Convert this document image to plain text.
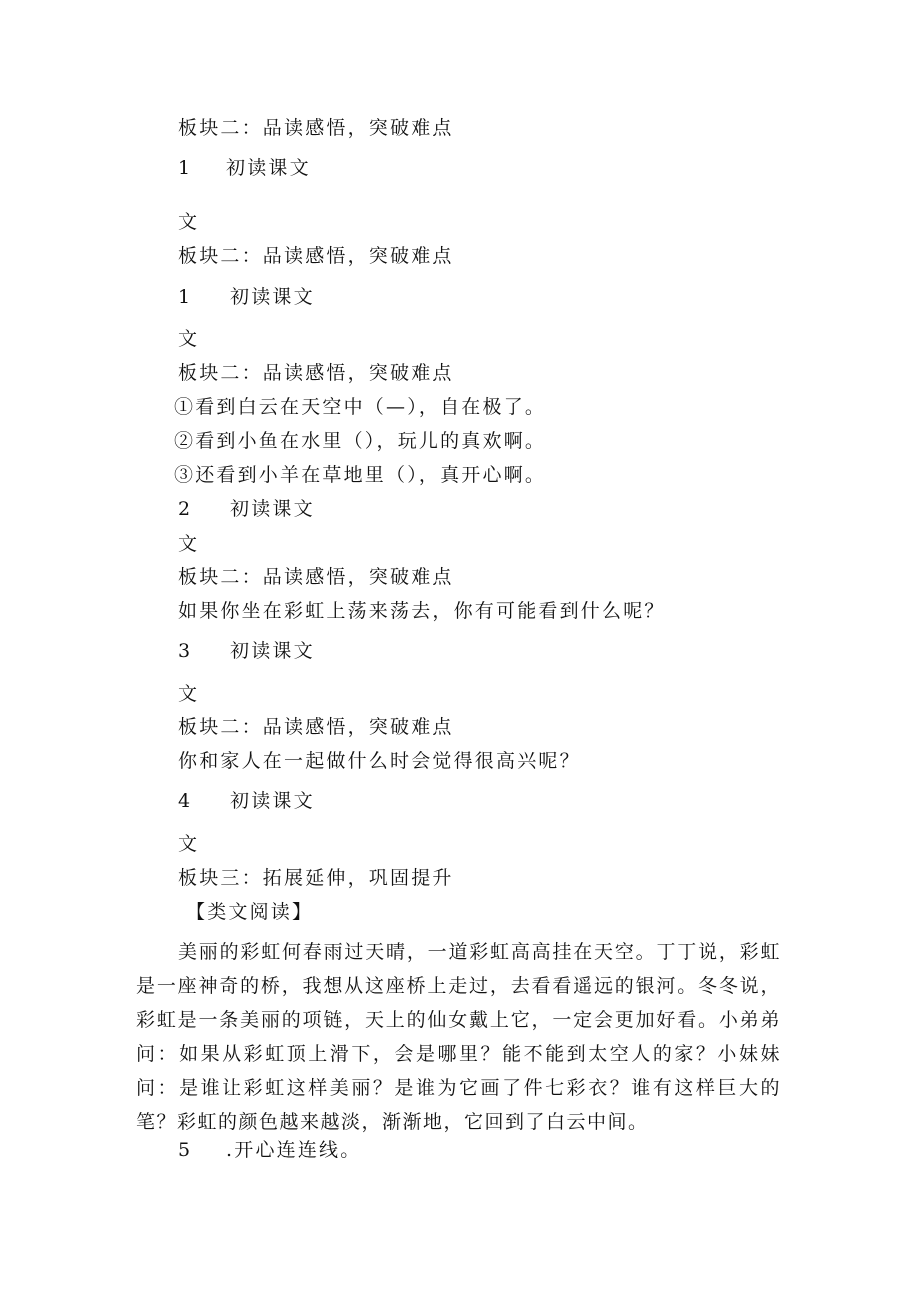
板块二：品读感悟，突破难点
1 初读课文
文
板块二：品读感悟，突破难点
1 初读课文
文
板块二：品读感悟，突破难点
①看到白云在天空中（—），自在极了。
②看到小鱼在水里（），玩儿的真欢啊。
③还看到小羊在草地里（），真开心啊。
2 初读课文
文
板块二：品读感悟，突破难点
如果你坐在彩虹上荡来荡去，你有可能看到什么呢？
3 初读课文
文
板块二：品读感悟，突破难点
你和家人在一起做什么时会觉得很高兴呢？
4 初读课文
文
板块三：拓展延伸，巩固提升
【类文阅读】
美丽的彩虹何春雨过天晴，一道彩虹高高挂在天空。丁丁说，彩虹是一座神奇的桥，我想从这座桥上走过，去看看遥远的银河。冬冬说，彩虹是一条美丽的项链，天上的仙女戴上它，一定会更加好看。小弟弟问：如果从彩虹顶上滑下，会是哪里？能不能到太空人的家？小妹妹问：是谁让彩虹这样美丽？是谁为它画了件七彩衣？谁有这样巨大的笔？彩虹的颜色越来越淡，渐渐地，它回到了白云中间。
5 .开心连连线。
